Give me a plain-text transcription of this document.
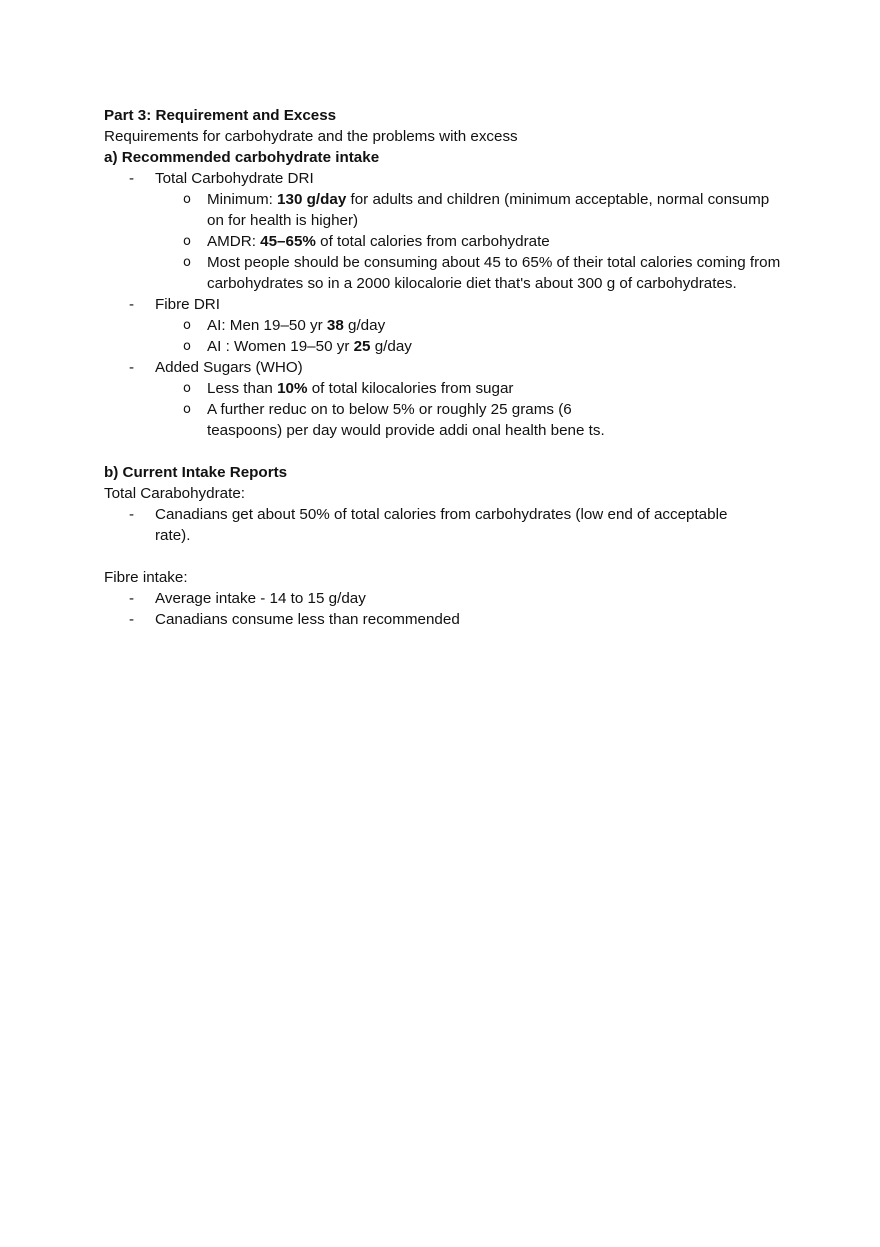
Part 3: Requirement and Excess
Requirements for carbohydrate and the problems with excess
a) Recommended carbohydrate intake
- Total Carbohydrate DRI
o Minimum: 130 g/day for adults and children (minimum acceptable, normal consump on for health is higher)
o AMDR: 45–65% of total calories from carbohydrate
o Most people should be consuming about 45 to 65% of their total calories coming from carbohydrates so in a 2000 kilocalorie diet that's about 300 g of carbohydrates.
- Fibre DRI
o AI: Men 19–50 yr 38 g/day
o AI : Women 19–50 yr 25 g/day
- Added Sugars (WHO)
o Less than 10% of total kilocalories from sugar
o A further reduc on to below 5% or roughly 25 grams (6 teaspoons) per day would provide addi onal health bene ts.
b) Current Intake Reports
Total Carabohydrate:
- Canadians get about 50% of total calories from carbohydrates (low end of acceptable rate).
Fibre intake:
- Average intake - 14 to 15 g/day
- Canadians consume less than recommended
